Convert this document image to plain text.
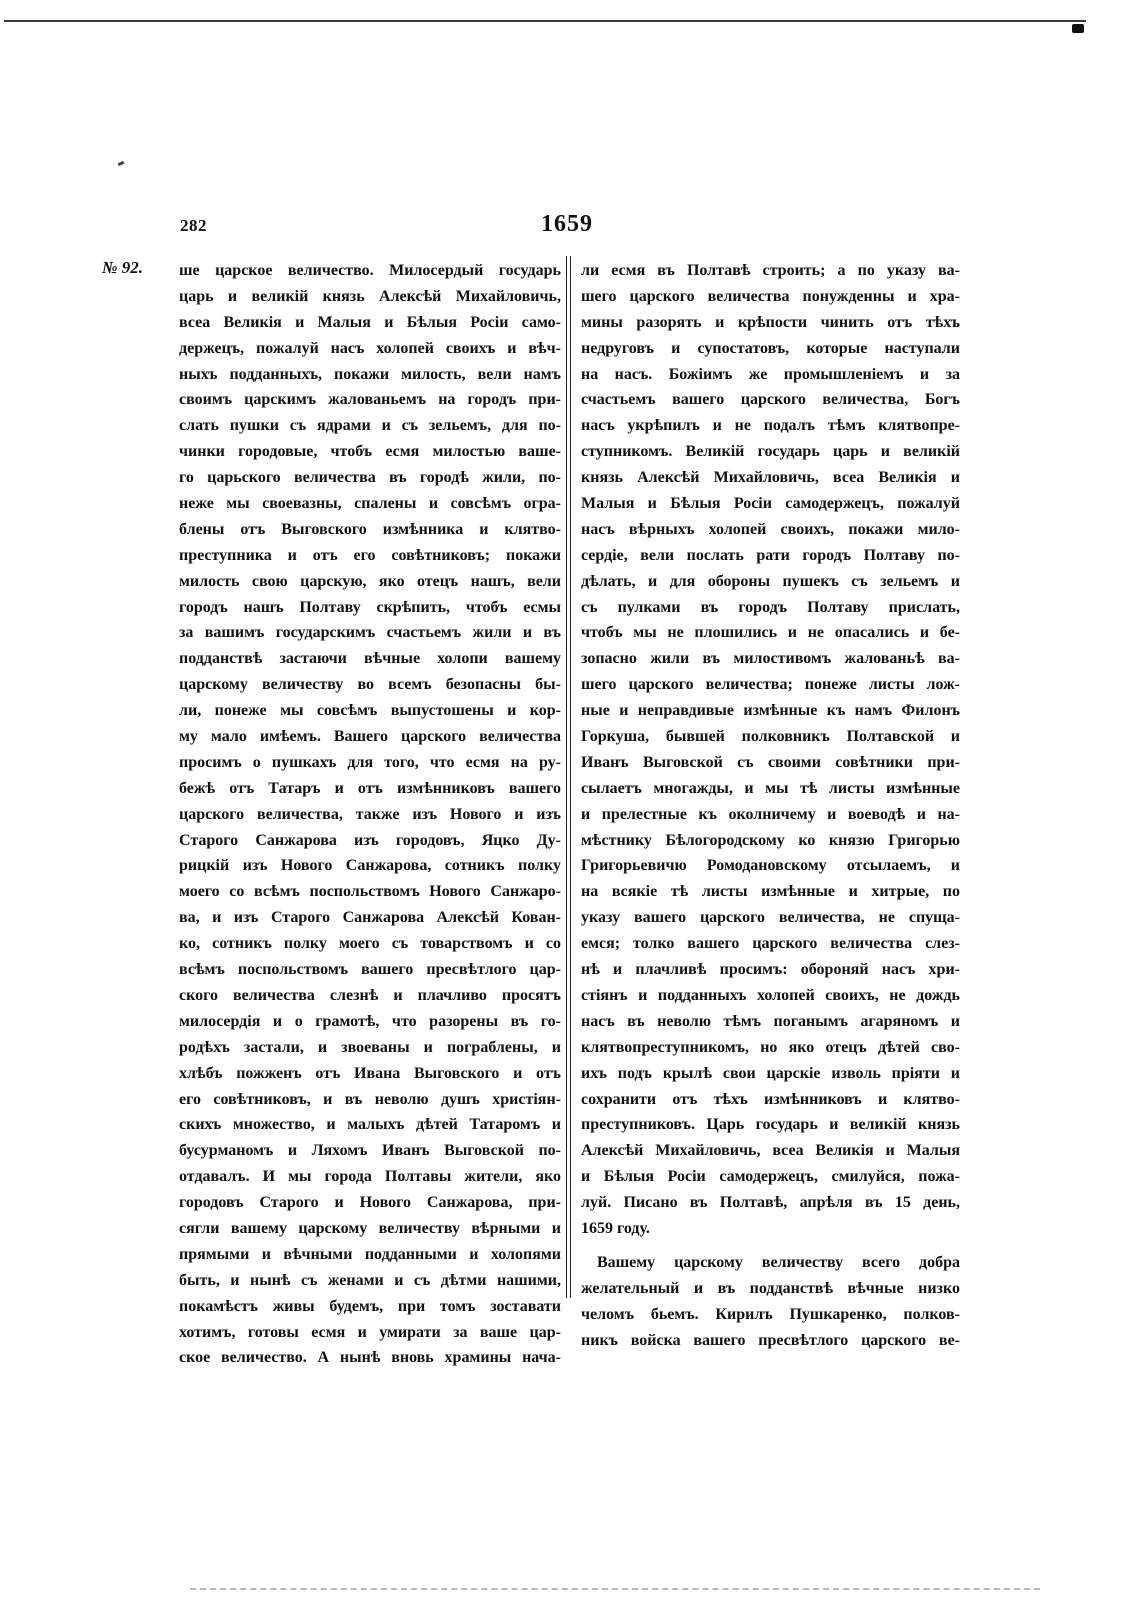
282	1659
№ 92. ше царское величество. Милосердый государь
царь и великій князь Алексѣй Михайловичь,
всеа Великія и Малыя и Бѣлыя Росіи само-
держецъ, пожалуй насъ холопей своихъ и вѣч-
ныхъ подданныхъ, покажи милость, вели намъ
своимъ царскимъ жалованьемъ на городъ при-
слать пушки съ ядрами и съ зельемъ, для по-
чинки городовые, чтобъ есмя милостью ваше-
го царьского величества въ городѣ жили, по-
неже мы своевазны, спалены и совсѣмъ огра-
блены отъ Выговского измѣнника и клятво-
преступника и отъ его совѣтниковъ; покажи
милость свою царскую, яко отецъ нашъ, вели
городъ нашъ Полтаву скрѣпить, чтобъ есмы
за вашимъ государскимъ счастьемъ жили и въ
подданствѣ застаючи вѣчные холопи вашему
царскому величеству во всемъ безопасны бы-
ли, понеже мы совсѣмъ выпустошены и кор-
му мало имѣемъ. Вашего царского величества
просимъ о пушкахъ для того, что есмя на ру-
бежѣ отъ Татаръ и отъ измѣнниковъ вашего
царского величества, также изъ Нового и изъ
Старого Санжарова изъ городовъ, Яцко Ду-
рицкій изъ Нового Санжарова, сотникъ полку
моего со всѣмъ поспольствомъ Нового Санжаро-
ва, и изъ Старого Санжарова Алексѣй Кован-
ко, сотникъ полку моего съ товарствомъ и со
всѣмъ поспольствомъ вашего пресвѣтлого цар-
ского величества слезнѣ и плачливо просятъ
милосердія и о грамотѣ, что разорены въ го-
родѣхъ застали, и звоеваны и пограблены, и
хлѣбъ пожженъ отъ Ивана Выговского и отъ
его совѣтниковъ, и въ неволю душъ христіян-
скихъ множество, и малыхъ дѣтей Татаромъ и
бусурманомъ и Ляхомъ Иванъ Выговской по-
отдавалъ. И мы города Полтавы жители, яко
городовъ Старого и Нового Санжарова, при-
сягли вашему царскому величеству вѣрными и
прямыми и вѣчными подданными и холопями
быть, и нынѣ съ женами и съ дѣтми нашими,
покамѣстъ живы будемъ, при томъ зоставати
хотимъ, готовы есмя и умирати за ваше цар-
ское величество. А нынѣ вновь храмины нача-
ли есмя въ Полтавѣ строить; а по указу ва-
шего царского величества понужденны и хра-
мины разорять и крѣпости чинить отъ тѣхъ
недруговъ и супостатовъ, которые наступали
на насъ. Божіимъ же промышленіемъ и за
счастьемъ вашего царского величества, Богъ
насъ укрѣпилъ и не подалъ тѣмъ клятвопре-
ступникомъ. Великій государь царь и великій
князь Алексѣй Михайловичь, всеа Великія и
Малыя и Бѣлыя Росіи самодержецъ, пожалуй
насъ вѣрныхъ холопей своихъ, покажи мило-
сердіе, вели послать рати городъ Полтаву по-
дѣлать, и для обороны пушекъ съ зельемъ и
съ пулками въ городъ Полтаву прислать,
чтобъ мы не плошились и не опасались и бе-
зопасно жили въ милостивомъ жалованьѣ ва-
шего царского величества; понеже листы лож-
ные и неправдивые измѣнные къ намъ Филонъ
Горкуша, бывшей полковникъ Полтавской и
Иванъ Выговской съ своими совѣтники при-
сылаетъ многажды, и мы тѣ листы измѣнные
и прелестные къ околничему и воеводѣ и на-
мѣстнику Бѣлогородскому ко князю Григорью
Григорьевичю Ромодановскому отсылаемъ, и
на всякіе тѣ листы измѣнные и хитрые, по
указу вашего царского величества, не спуща-
емся; толко вашего царского величества слез-
нѣ и плачливѣ просимъ: обороняй насъ хри-
стіянъ и подданныхъ холопей своихъ, не дождь
насъ въ неволю тѣмъ поганымъ агаряномъ и
клятвопреступникомъ, но яко отецъ дѣтей сво-
ихъ подъ крылѣ свои царскіе изволь пріяти и
сохранити отъ тѣхъ измѣнниковъ и клятво-
преступниковъ. Царь государь и великій князь
Алексѣй Михайловичь, всеа Великія и Малыя
и Бѣлыя Росіи самодержецъ, смилуйся, пожа-
луй. Писано въ Полтавѣ, апрѣля въ 15 день,
1659 году.
Вашему царскому величеству всего добра
желательный и въ подданствѣ вѣчные низко
челомъ бьемъ. Кирилъ Пушкаренко, полков-
никъ войска вашего пресвѣтлого царского ве-
